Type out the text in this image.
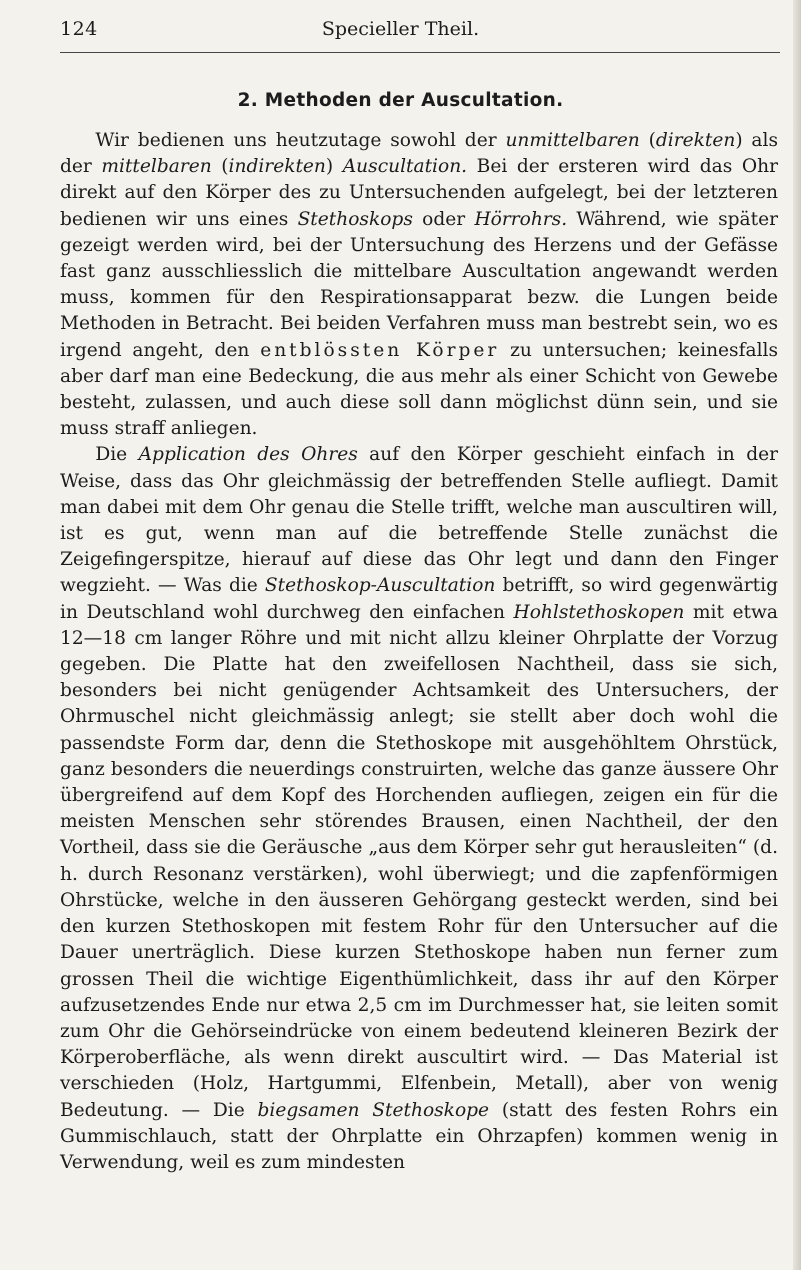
124	Specieller Theil.
2. Methoden der Auscultation.

Wir bedienen uns heutzutage sowohl der unmittelbaren (direkten) als der mittelbaren (indirekten) Auscultation. Bei der ersteren wird das Ohr direkt auf den Körper des zu Untersuchenden aufgelegt, bei der letzteren bedienen wir uns eines Stethoskops oder Hörrohrs. Während, wie später gezeigt werden wird, bei der Untersuchung des Herzens und der Gefässe fast ganz ausschliesslich die mittelbare Auscultation angewandt werden muss, kommen für den Respirationsapparat bezw. die Lungen beide Methoden in Betracht. Bei beiden Verfahren muss man bestrebt sein, wo es irgend angeht, den entblössten Körper zu untersuchen; keinesfalls aber darf man eine Bedeckung, die aus mehr als einer Schicht von Gewebe besteht, zulassen, und auch diese soll dann möglichst dünn sein, und sie muss straff anliegen.

Die Application des Ohres auf den Körper geschieht einfach in der Weise, dass das Ohr gleichmässig der betreffenden Stelle aufliegt. Damit man dabei mit dem Ohr genau die Stelle trifft, welche man auscultiren will, ist es gut, wenn man auf die betreffende Stelle zunächst die Zeigefingerspitze, hierauf auf diese das Ohr legt und dann den Finger wegzieht. — Was die Stethoskop-Auscultation betrifft, so wird gegenwärtig in Deutschland wohl durchweg den einfachen Hohlstethoskopen mit etwa 12—18 cm langer Röhre und mit nicht allzu kleiner Ohrplatte der Vorzug gegeben. Die Platte hat den zweifellosen Nachtheil, dass sie sich, besonders bei nicht genügender Achtsamkeit des Untersuchers, der Ohrmuschel nicht gleichmässig anlegt; sie stellt aber doch wohl die passendste Form dar, denn die Stethoskope mit ausgehöhltem Ohrstück, ganz besonders die neuerdings construirten, welche das ganze äussere Ohr übergreifend auf dem Kopf des Horchenden aufliegen, zeigen ein für die meisten Menschen sehr störendes Brausen, einen Nachtheil, der den Vortheil, dass sie die Geräusche „aus dem Körper sehr gut herausleiten“ (d. h. durch Resonanz verstärken), wohl überwiegt; und die zapfenförmigen Ohrstücke, welche in den äusseren Gehörgang gesteckt werden, sind bei den kurzen Stethoskopen mit festem Rohr für den Untersucher auf die Dauer unerträglich. Diese kurzen Stethoskope haben nun ferner zum grossen Theil die wichtige Eigenthümlichkeit, dass ihr auf den Körper aufzusetzendes Ende nur etwa 2,5 cm im Durchmesser hat, sie leiten somit zum Ohr die Gehörseindrücke von einem bedeutend kleineren Bezirk der Körperoberfläche, als wenn direkt auscultirt wird. — Das Material ist verschieden (Holz, Hartgummi, Elfenbein, Metall), aber von wenig Bedeutung. — Die biegsamen Stethoskope (statt des festen Rohrs ein Gummischlauch, statt der Ohrplatte ein Ohrzapfen) kommen wenig in Verwendung, weil es zum mindesten
